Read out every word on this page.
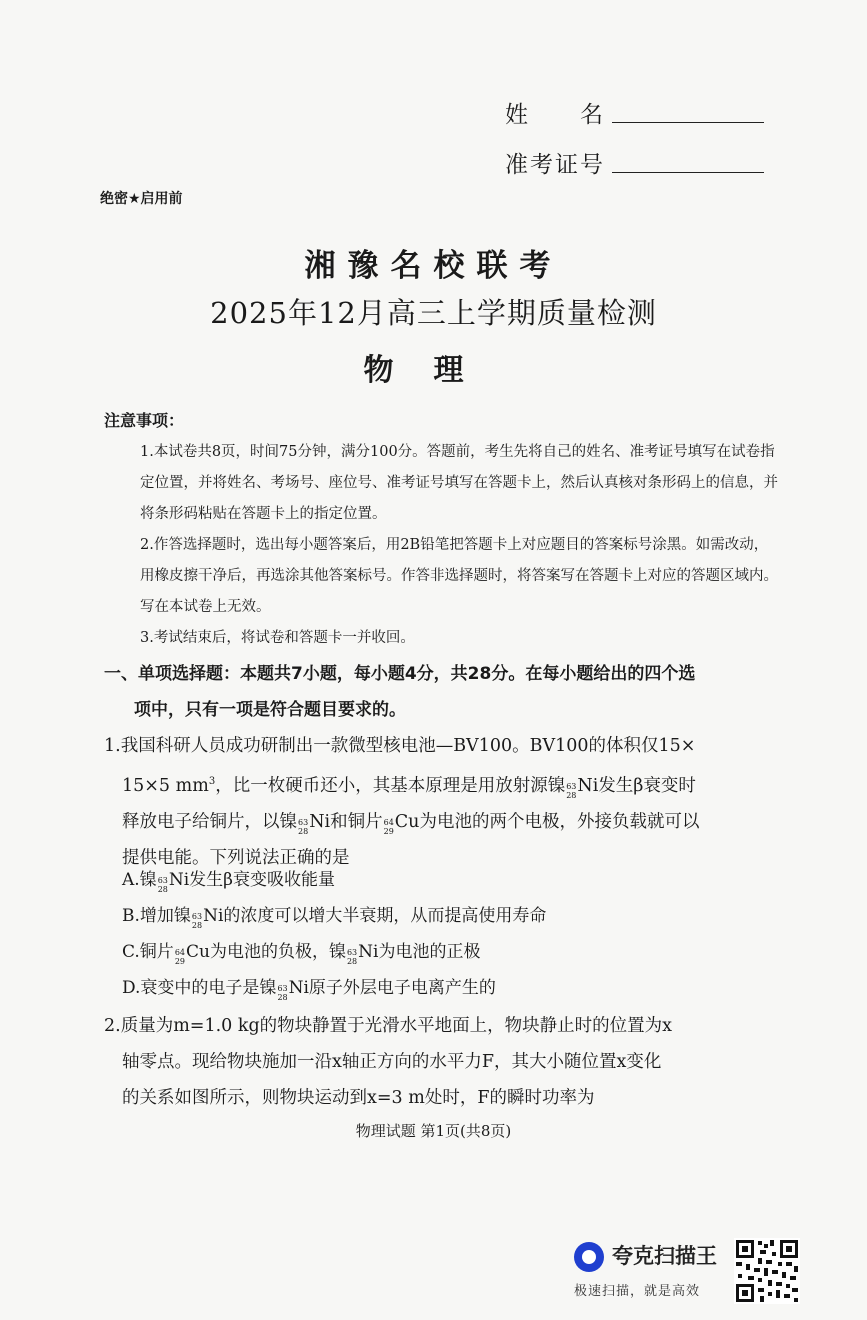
姓　　名
准考证号
绝密★启用前
湘豫名校联考
2025年12月高三上学期质量检测
物理
注意事项：

1.本试卷共8页，时间75分钟，满分100分。答题前，考生先将自己的姓名、准考证号填写在试卷指定位置，并将姓名、考场号、座位号、准考证号填写在答题卡上，然后认真核对条形码上的信息，并将条形码粘贴在答题卡上的指定位置。

2.作答选择题时，选出每小题答案后，用2B铅笔把答题卡上对应题目的答案标号涂黑。如需改动，用橡皮擦干净后，再选涂其他答案标号。作答非选择题时，将答案写在答题卡上对应的答题区域内。写在本试卷上无效。

3.考试结束后，将试卷和答题卡一并收回。

一、单项选择题：本题共7小题，每小题4分，共28分。在每小题给出的四个选
项中，只有一项是符合题目要求的。

1.我国科研人员成功研制出一款微型核电池—BV100。BV100的体积仅15×

15×5 $mm^3$，比一枚硬币还小，其基本原理是用放射源镍 63
28 Ni发生β衰变时

释放电子给铜片，以镍 63
28 Ni和铜片 64
29 Cu为电池的两个电极，外接负载就可以

提供电能。下列说法正确的是

A.镍 63
28 Ni发生β衰变吸收能量
B.增加镍 63
28 Ni的浓度可以增大半衰期，从而提高使用寿命
C.铜片 64
29 Cu为电池的负极，镍 63
28 Ni为电池的正极
D.衰变中的电子是镍 63
28 Ni原子外层电子电离产生的

2.质量为m=1.0 kg的物块静置于光滑水平地面上，物块静止时的位置为x

轴零点。现给物块施加一沿x轴正方向的水平力F，其大小随位置x变化

的关系如图所示，则物块运动到x=3 m处时，F的瞬时功率为

物理试题 第1页(共8页)
夸克扫描王
极速扫描，就是高效
